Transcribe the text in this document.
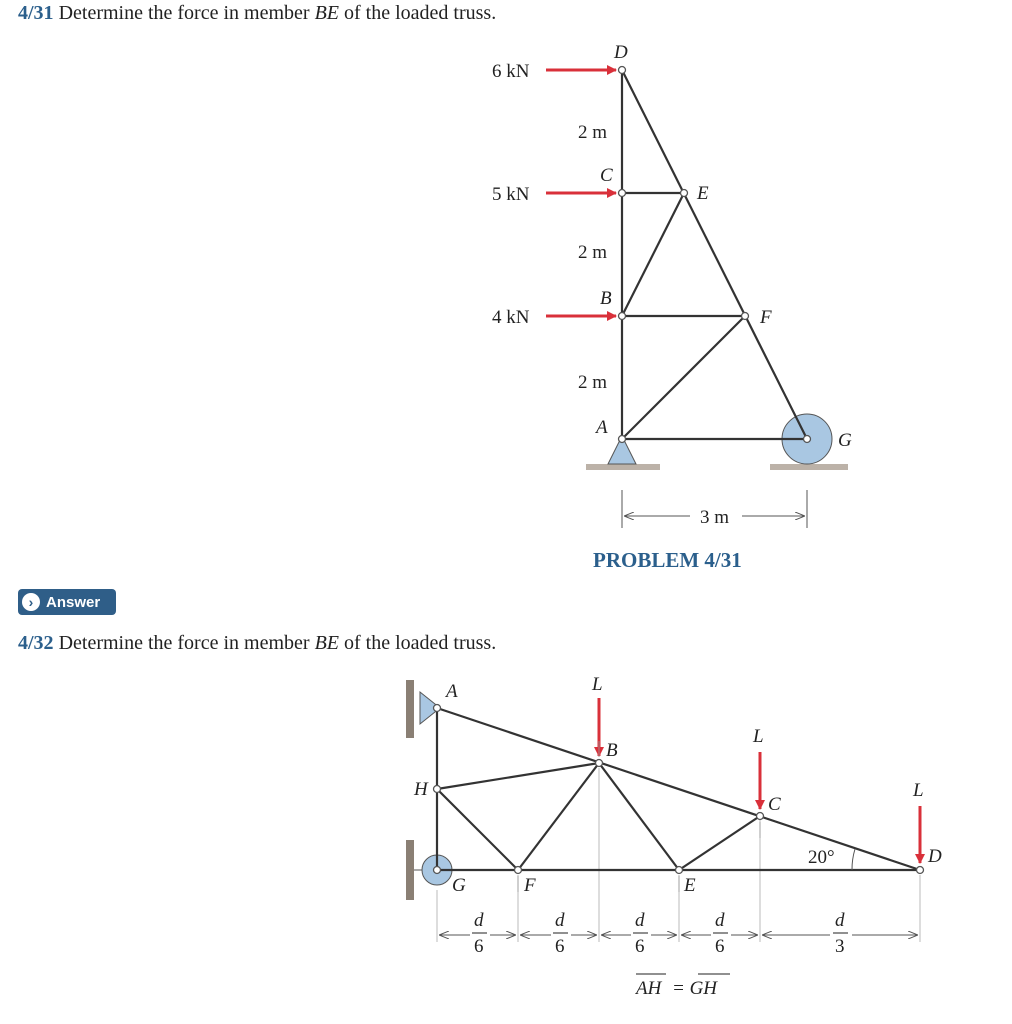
4/31 Determine the force in member BE of the loaded truss.
› Answer
4/32 Determine the force in member BE of the loaded truss.
6 kN
5 kN
4 kN
2 m
2 m
2 m
D
C
E
B
F
A
G
3 m
PROBLEM 4/31
L
L
L
A
B
C
D
E
F
G
H
20°
d
6
d
6
d
6
d
6
d
3
AH = GH
